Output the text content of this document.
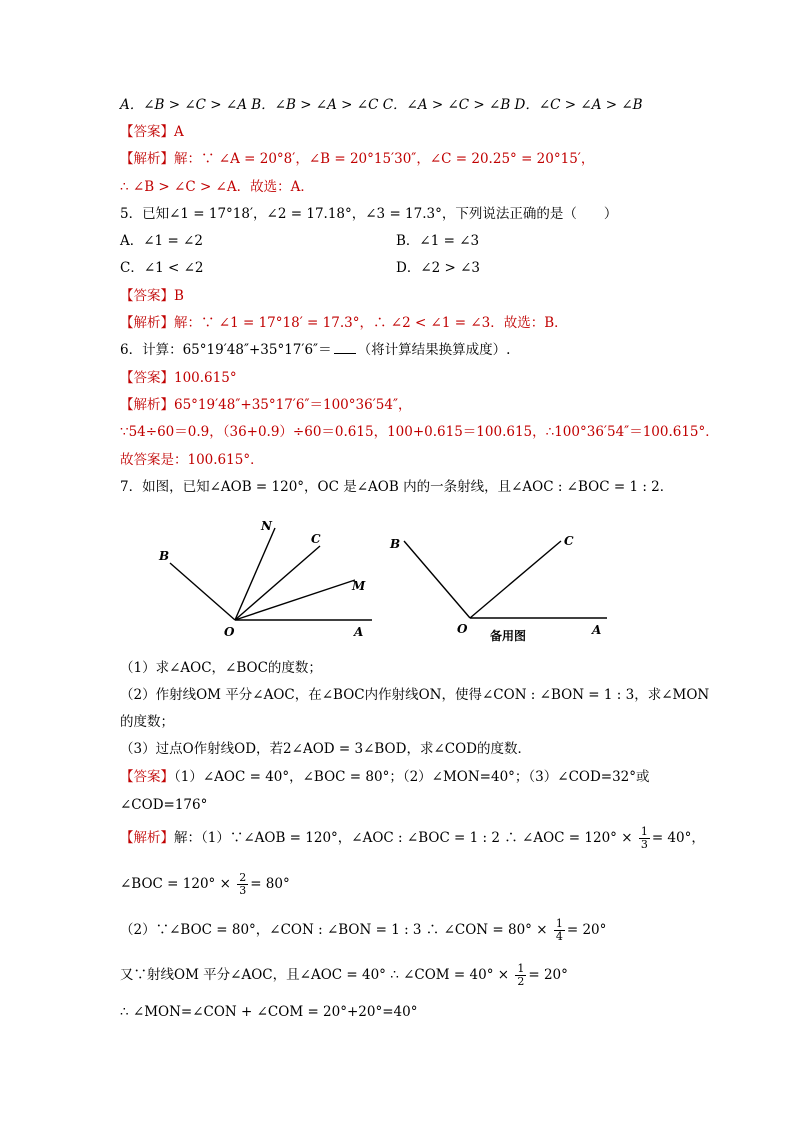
A．∠B > ∠C > ∠A B．∠B > ∠A > ∠C C．∠A > ∠C > ∠B D．∠C > ∠A > ∠B
【答案】A
【解析】解：∵ ∠A = 20°8′，∠B = 20°15′30″，∠C = 20.25° = 20°15′，
∴ ∠B > ∠C > ∠A．故选：A．
5．已知∠1 = 17°18′，∠2 = 17.18°，∠3 = 17.3°，下列说法正确的是（　　）
A．∠1 = ∠2	B．∠1 = ∠3
C．∠1 < ∠2	D．∠2 > ∠3
【答案】B
【解析】解：∵ ∠1 = 17°18′ = 17.3°，∴ ∠2 < ∠1 = ∠3．故选：B．
6．计算：65°19′48″+35°17′6″＝ （将计算结果换算成度）.
【答案】100.615°
【解析】65°19′48″+35°17′6″＝100°36′54″，
∵54÷60＝0.9，（36+0.9）÷60＝0.615，100+0.615＝100.615，∴100°36′54″＝100.615°．
故答案是：100.615°．
7．如图，已知∠AOB = 120°，OC 是∠AOB 内的一条射线，且∠AOC : ∠BOC = 1 : 2．
N
C
B
M
O	A
B	C
O	A
备用图
（1）求∠AOC，∠BOC的度数；
（2）作射线OM 平分∠AOC，在∠BOC内作射线ON，使得∠CON : ∠BON = 1 : 3，求∠MON
的度数；
（3）过点O作射线OD，若2∠AOD = 3∠BOD，求∠COD的度数．
【答案】（1）∠AOC = 40°，∠BOC = 80°；（2）∠MON=40°；（3）∠COD=32°或
∠COD=176°
【解析】解：（1）∵∠AOB = 120°，∠AOC : ∠BOC = 1 : 2 ∴ ∠AOC = $120^\circ \times \frac{1}{3} = 40^\circ$，
∠BOC = $120^\circ \times \frac{2}{3} = 80^\circ$
（2）∵∠BOC = 80°，∠CON : ∠BON = 1 : 3 ∴ ∠CON = $80^\circ \times \frac{1}{4} = 20^\circ$
又∵射线OM 平分∠AOC，且∠AOC = 40° ∴ ∠COM = $40^\circ \times \frac{1}{2} = 20^\circ$
∴ ∠MON=∠CON + ∠COM = 20°+20°=40°
